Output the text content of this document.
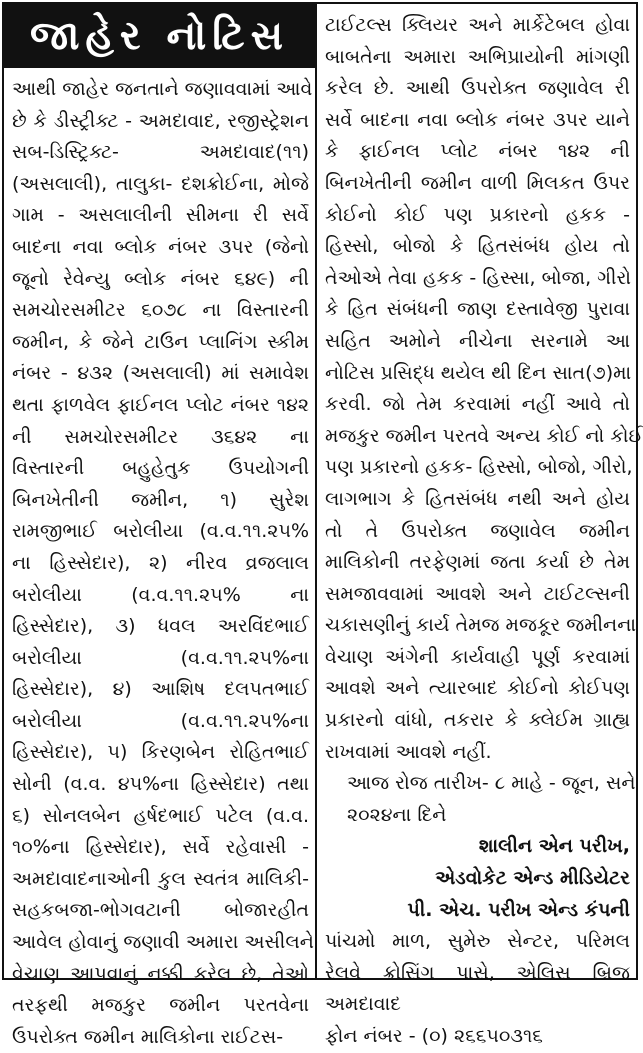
જાહેર નોટિસ
આથી જાહેર જનતાને જણાવવામાં આવે
છે કે ડીસ્ટ્રીક્ટ - અમદાવાદ, રજીસ્ટ્રેશન
સબ-ડિસ્ટ્રિક્ટ- અમદાવાદ(૧૧)
(અસલાલી), તાલુકા- દશક્રોઈના, મોજે
ગામ - અસલાલીની સીમના રી સર્વે
બાદના નવા બ્લોક નંબર ૩પર (જેનો
જૂનો રેવેન્યુ બ્લોક નંબર ૬૪૯) ની
સમચોરસમીટર ૬૦૭૮ ના વિસ્તારની
જમીન, કે જેને ટાઉન પ્લાનિંગ સ્કીમ
નંબર - ૪૩૨ (અસલાલી) માં સમાવેશ
થતા ફાળવેલ ફાઈનલ પ્લોટ નંબર ૧૪૨
ની સમચોરસમીટર ૩૬૪૨ ના
વિસ્તારની બહુહેતુક ઉપયોગની
બિનખેતીની જમીન, ૧) સુરેશ
રામજીભાઈ બરોલીયા (વ.વ.૧૧.૨૫%
ના હિસ્સેદાર), ૨) નીરવ વ્રજલાલ
બરોલીયા (વ.વ.૧૧.૨૫% ના
હિસ્સેદાર), ૩) ધવલ અરવિંદભાઈ
બરોલીયા (વ.વ.૧૧.૨૫%ના
હિસ્સેદાર), ૪) આશિષ દલપતભાઈ
બરોલીયા (વ.વ.૧૧.૨૫%ના
હિસ્સેદાર), ૫) કિરણબેન રોહિતભાઈ
સોની (વ.વ. ૪૫%ના હિસ્સેદાર) તથા
૬) સોનલબેન હર્ષદભાઈ પટેલ (વ.વ.
૧૦%ના હિસ્સેદાર), સર્વે રહેવાસી -
અમદાવાદનાઓની કુલ સ્વતંત્ર માલિકી-
સહકબજા-ભોગવટાની બોજારહીત
આવેલ હોવાનું જણાવી અમારા અસીલને
વેચાણ આપવાનું નક્કી કરેલ છે, તેઓ
તરફથી મજકુર જમીન પરતવેના
ઉપરોક્ત જમીન માલિકોના રાઈટસ-
ટાઈટલ્સ ક્લિયર અને માર્કેટેબલ હોવા
બાબતેના અમારા અભિપ્રાયોની માંગણી
કરેલ છે. આથી ઉપરોક્ત જણાવેલ રી
સર્વે બાદના નવા બ્લોક નંબર ૩પર યાને
કે ફાઈનલ પ્લોટ નંબર ૧૪૨ ની
બિનખેતીની જમીન વાળી મિલકત ઉપર
કોઈનો કોઈ પણ પ્રકારનો હકક -
હિસ્સો, બોજો કે હિતસંબંધ હોય તો
તેઓએ તેવા હકક - હિસ્સા, બોજા, ગીરો
કે હિત સંબંધની જાણ દસ્તાવેજી પુરાવા
સહિત અમોને નીચેના સરનામે આ
નોટિસ પ્રસિદ્ધ થયેલ થી દિન સાત(૭)મા
કરવી. જો તેમ કરવામાં નહીં આવે તો
મજકુર જમીન પરતવે અન્ય કોઈ નો કોઈ
પણ પ્રકારનો હકક- હિસ્સો, બોજો, ગીરો,
લાગભાગ કે હિતસંબંધ નથી અને હોય
તો તે ઉપરોક્ત જણાવેલ જમીન
માલિકોની તરફેણમાં જતા કર્યા છે તેમ
સમજાવવામાં આવશે અને ટાઈટલ્સની
ચકાસણીનું કાર્ય તેમજ મજકૂર જમીનના
વેચાણ અંગેની કાર્યવાહી પૂર્ણ કરવામાં
આવશે અને ત્યારબાદ કોઈનો કોઈપણ
પ્રકારનો વાંધો, તકરાર કે ક્લેઈમ ગ્રાહ્ય
રાખવામાં આવશે નહીં.
આજ રોજ તારીખ- ૮ માહે - જૂન, સને
૨૦૨૪ના દિને
શાલીન એન પરીખ,
એડવોકેટ એન્ડ મીડિયેટર
પી. એચ. પરીખ એન્ડ કંપની
પાંચમો માળ, સુમેરુ સેન્ટર, પરિમલ
રેલવે ક્રોસિંગ પાસે, એલિસ બ્રિજ
અમદાવાદ
ફોન નંબર - (૦) ૨૬૬૫૦૩૧૬
